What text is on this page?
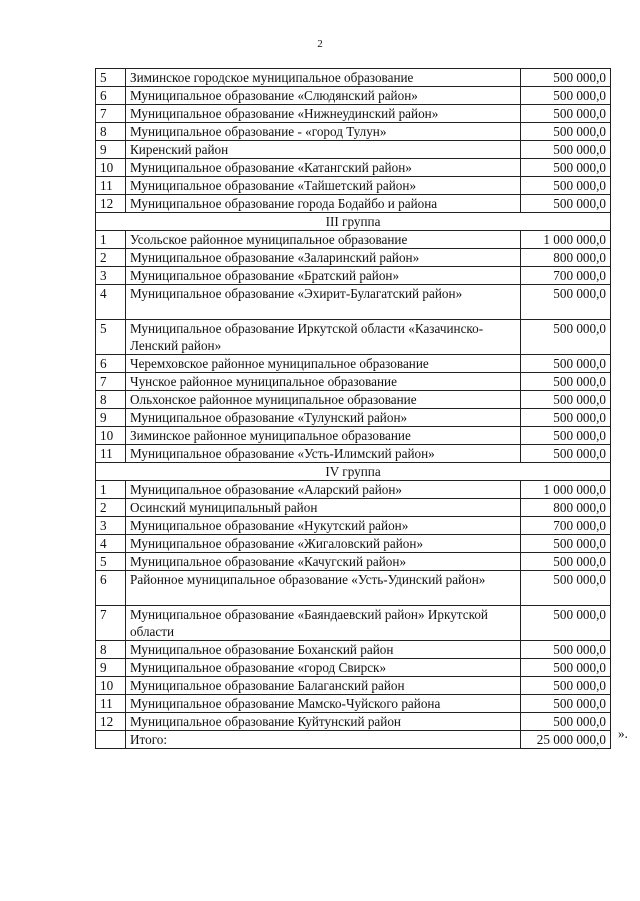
2
5	Зиминское городское муниципальное образование	500 000,0
6	Муниципальное образование «Слюдянский район»	500 000,0
7	Муниципальное образование «Нижнеудинский район»	500 000,0
8	Муниципальное образование - «город Тулун»	500 000,0
9	Киренский район	500 000,0
10	Муниципальное образование «Катангский район»	500 000,0
11	Муниципальное образование «Тайшетский район»	500 000,0
12	Муниципальное образование города Бодайбо и района	500 000,0
III группа		
1	Усольское районное муниципальное образование	1 000 000,0
2	Муниципальное образование «Заларинский район»	800 000,0
3	Муниципальное образование «Братский район»	700 000,0
4	Муниципальное образование «Эхирит-Булагатский район»	500 000,0
5	Муниципальное образование Иркутской области «Казачинско-Ленский район»	500 000,0
6	Черемховское районное муниципальное образование	500 000,0
7	Чунское районное муниципальное образование	500 000,0
8	Ольхонское районное муниципальное образование	500 000,0
9	Муниципальное образование «Тулунский район»	500 000,0
10	Зиминское районное муниципальное образование	500 000,0
11	Муниципальное образование «Усть-Илимский район»	500 000,0
IV группа		
1	Муниципальное образование «Аларский район»	1 000 000,0
2	Осинский муниципальный район	800 000,0
3	Муниципальное образование «Нукутский район»	700 000,0
4	Муниципальное образование «Жигаловский район»	500 000,0
5	Муниципальное образование «Качугский район»	500 000,0
6	Районное муниципальное образование «Усть-Удинский район»	500 000,0
7	Муниципальное образование «Баяндаевский район» Иркутской области	500 000,0
8	Муниципальное образование Боханский район	500 000,0
9	Муниципальное образование «город Свирск»	500 000,0
10	Муниципальное образование Балаганский район	500 000,0
11	Муниципальное образование Мамско-Чуйского района	500 000,0
12	Муниципальное образование Куйтунский район	500 000,0
	Итого:	25 000 000,0 ».
